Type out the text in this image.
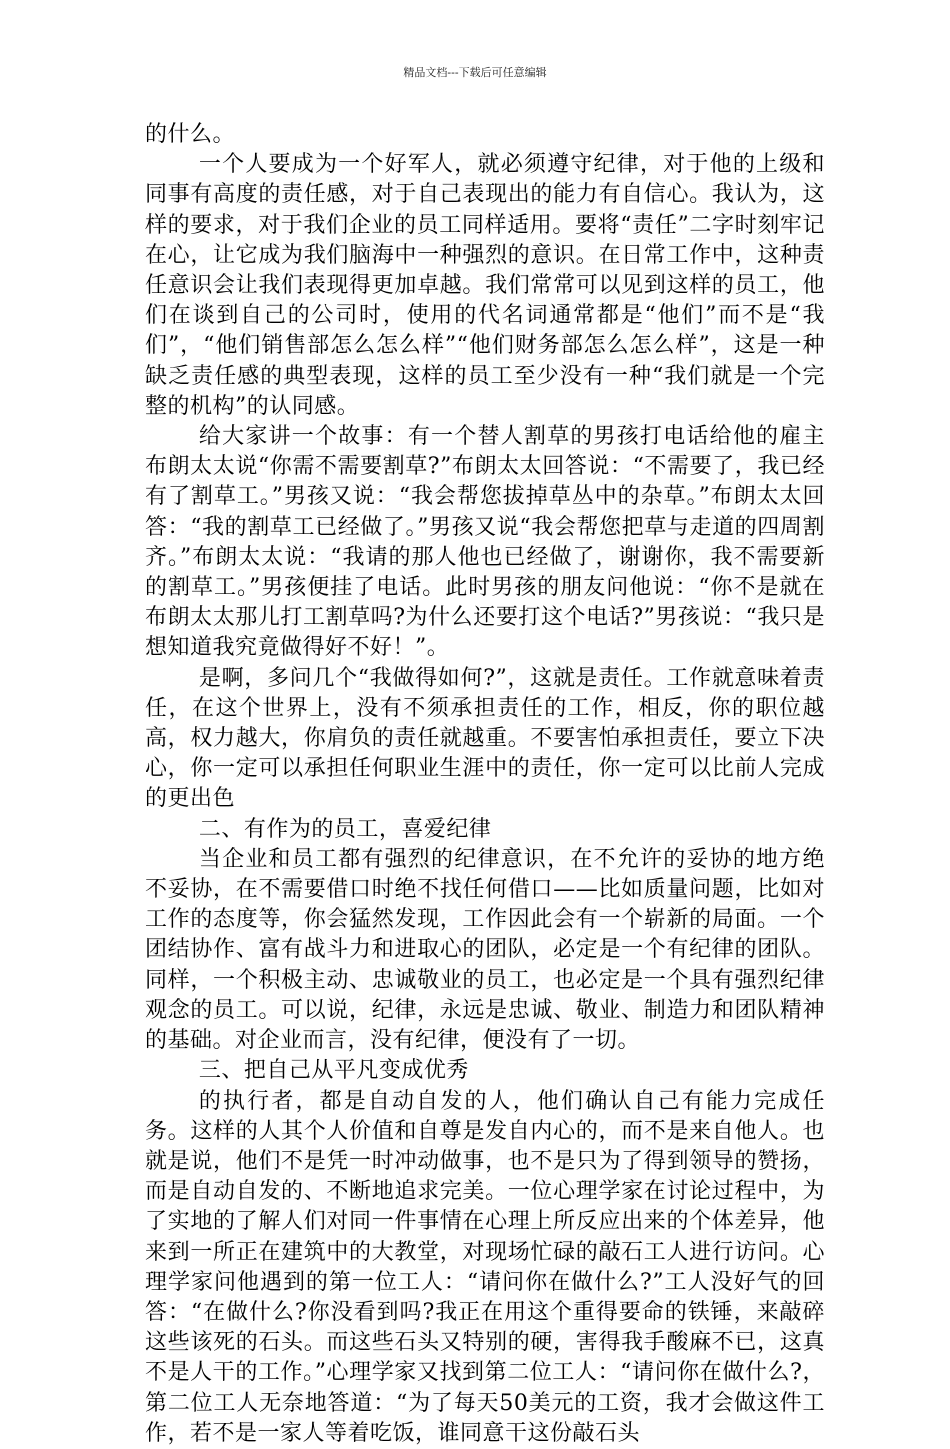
精品文档---下载后可任意编辑

的什么。

一个人要成为一个好军人，就必须遵守纪律，对于他的上级和同事有高度的责任感，对于自己表现出的能力有自信心。我认为，这样的要求，对于我们企业的员工同样适用。要将“责任”二字时刻牢记在心，让它成为我们脑海中一种强烈的意识。在日常工作中，这种责任意识会让我们表现得更加卓越。我们常常可以见到这样的员工，他们在谈到自己的公司时，使用的代名词通常都是“他们”而不是“我们”，“他们销售部怎么怎么样”“他们财务部怎么怎么样”，这是一种缺乏责任感的典型表现，这样的员工至少没有一种“我们就是一个完整的机构”的认同感。

给大家讲一个故事：有一个替人割草的男孩打电话给他的雇主布朗太太说“你需不需要割草?”布朗太太回答说：“不需要了，我已经有了割草工。”男孩又说：“我会帮您拔掉草丛中的杂草。”布朗太太回答：“我的割草工已经做了。”男孩又说“我会帮您把草与走道的四周割齐。”布朗太太说：“我请的那人他也已经做了，谢谢你，我不需要新的割草工。”男孩便挂了电话。此时男孩的朋友问他说：“你不是就在布朗太太那儿打工割草吗?为什么还要打这个电话?”男孩说：“我只是想知道我究竟做得好不好！”。

是啊，多问几个“我做得如何?”，这就是责任。工作就意味着责任，在这个世界上，没有不须承担责任的工作，相反，你的职位越高，权力越大，你肩负的责任就越重。不要害怕承担责任，要立下决心，你一定可以承担任何职业生涯中的责任，你一定可以比前人完成的更出色

二、有作为的员工，喜爱纪律

当企业和员工都有强烈的纪律意识，在不允许的妥协的地方绝不妥协，在不需要借口时绝不找任何借口——比如质量问题，比如对工作的态度等，你会猛然发现，工作因此会有一个崭新的局面。一个团结协作、富有战斗力和进取心的团队，必定是一个有纪律的团队。同样，一个积极主动、忠诚敬业的员工，也必定是一个具有强烈纪律观念的员工。可以说，纪律，永远是忠诚、敬业、制造力和团队精神的基础。对企业而言，没有纪律，便没有了一切。

三、把自己从平凡变成优秀

的执行者，都是自动自发的人，他们确认自己有能力完成任务。这样的人其个人价值和自尊是发自内心的，而不是来自他人。也就是说，他们不是凭一时冲动做事，也不是只为了得到领导的赞扬，而是自动自发的、不断地追求完美。一位心理学家在讨论过程中，为了实地的了解人们对同一件事情在心理上所反应出来的个体差异，他来到一所正在建筑中的大教堂，对现场忙碌的敲石工人进行访问。心理学家问他遇到的第一位工人：“请问你在做什么?”工人没好气的回答：“在做什么?你没看到吗?我正在用这个重得要命的铁锤，来敲碎这些该死的石头。而这些石头又特别的硬，害得我手酸麻不已，这真不是人干的工作。”心理学家又找到第二位工人：“请问你在做什么?，第二位工人无奈地答道：“为了每天50美元的工资，我才会做这件工作，若不是一家人等着吃饭，谁同意干这份敲石头
